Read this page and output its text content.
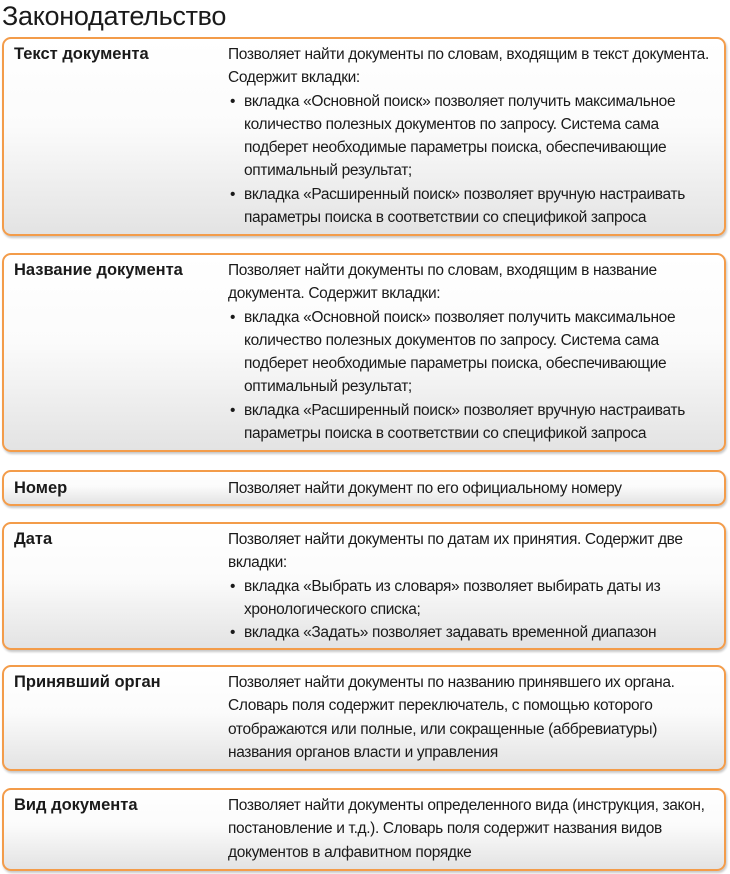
Законодательство
Текст документа	Позволяет найти документы по словам, входящим в текст документа. Содержит вкладки:

• вкладка «Основной поиск» позволяет получить максимальное количество полезных документов по запросу. Система сама подберет необходимые параметры поиска, обеспечивающие оптимальный результат;
• вкладка «Расширенный поиск» позволяет вручную настраивать параметры поиска в соответствии со спецификой запроса
Название документа	Позволяет найти документы по словам, входящим в название документа. Содержит вкладки:

• вкладка «Основной поиск» позволяет получить максимальное количество полезных документов по запросу. Система сама подберет необходимые параметры поиска, обеспечивающие оптимальный результат;
• вкладка «Расширенный поиск» позволяет вручную настраивать параметры поиска в соответствии со спецификой запроса
Номер	Позволяет найти документ по его официальному номеру

Дата	Позволяет найти документы по датам их принятия. Содержит две вкладки:

• вкладка «Выбрать из словаря» позволяет выбирать даты из хронологического списка;
• вкладка «Задать» позволяет задавать временной диапазон
Принявший орган	Позволяет найти документы по названию принявшего их органа. Словарь поля содержит переключатель, с помощью которого отображаются или полные, или сокращенные (аббревиатуры) названия органов власти и управления

Вид документа	Позволяет найти документы определенного вида (инструкция, закон, постановление и т.д.). Словарь поля содержит названия видов документов в алфавитном порядке
